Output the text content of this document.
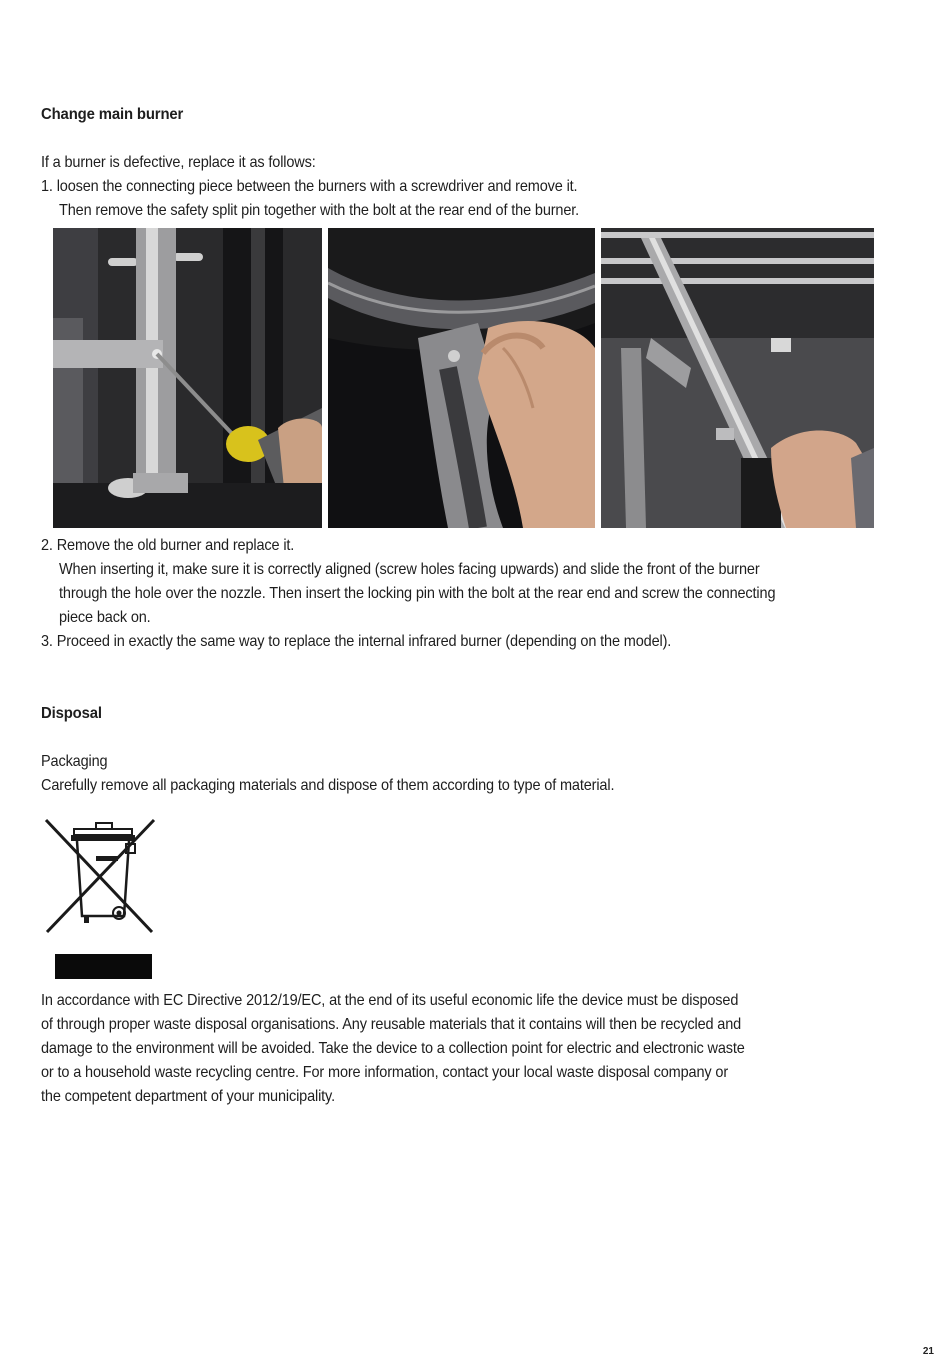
Change main burner
If a burner is defective, replace it as follows:
1. loosen the connecting piece between the burners with a screwdriver and remove it.
Then remove the safety split pin together with the bolt at the rear end of the burner.
2. Remove the old burner and replace it.
When inserting it, make sure it is correctly aligned (screw holes facing upwards) and slide the front of the burner
through the hole over the nozzle. Then insert the locking pin with the bolt at the rear end and screw the connecting
piece back on.
3. Proceed in exactly the same way to replace the internal infrared burner (depending on the model).
Disposal
Packaging
Carefully remove all packaging materials and dispose of them according to type of material.
In accordance with EC Directive 2012/19/EC, at the end of its useful economic life the device must be disposed
of through proper waste disposal organisations. Any reusable materials that it contains will then be recycled and
damage to the environment will be avoided. Take the device to a collection point for electric and electronic waste
or to a household waste recycling centre. For more information, contact your local waste disposal company or
the competent department of your municipality.
21
